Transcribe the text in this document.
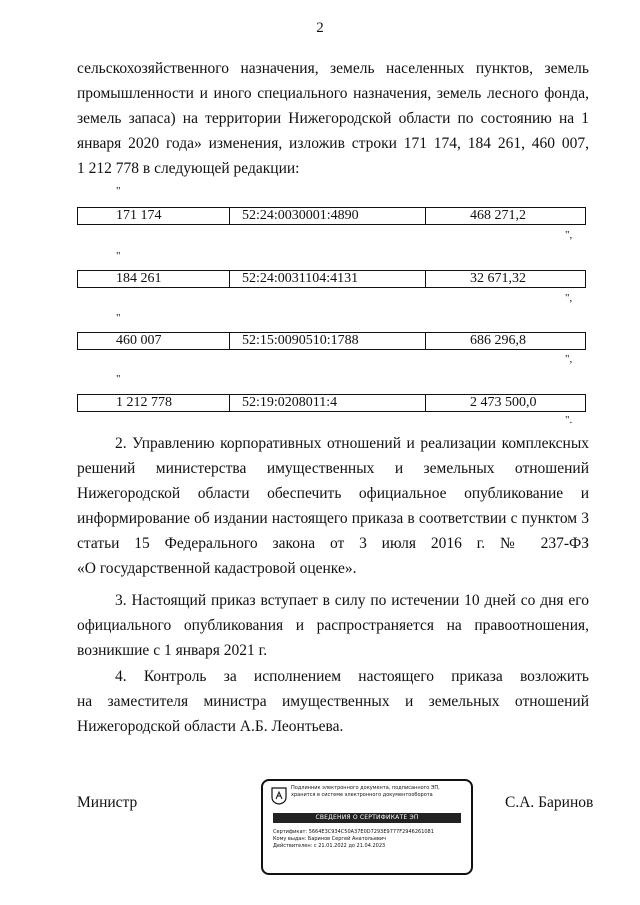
2
сельскохозяйственного назначения, земель населенных пунктов, земель
промышленности и иного специального назначения, земель лесного фонда,
земель запаса) на территории Нижегородской области по состоянию на 1
января 2020 года» изменения, изложив строки 171 174, 184 261, 460 007,
1 212 778 в следующей редакции:
"
171 174	52:24:0030001:4890	468 271,2
",
"
184 261	52:24:0031104:4131	32 671,32
",
"
460 007	52:15:0090510:1788	686 296,8
",
"
1 212 778	52:19:0208011:4	2 473 500,0
".
2. Управлению корпоративных отношений и реализации комплексных
решений министерства имущественных и земельных отношений
Нижегородской области обеспечить официальное опубликование и
информирование об издании настоящего приказа в соответствии с пунктом 3
статьи 15 Федерального закона от 3 июля 2016 г. № 237-ФЗ
«О государственной кадастровой оценке».
3. Настоящий приказ вступает в силу по истечении 10 дней со дня его
официального опубликования и распространяется на правоотношения,
возникшие с 1 января 2021 г.
4. Контроль за исполнением настоящего приказа возложить
на заместителя министра имущественных и земельных отношений
Нижегородской области А.Б. Леонтьева.
Министр	С.А. Баринов
Подлинник электронного документа, подписанного ЭП,
хранится в системе электронного документооборота
СВЕДЕНИЯ О СЕРТИФИКАТЕ ЭП
Сертификат: 5664E3C934C50A37E0D7293E9777F2946261081
Кому выдан: Баринов Сергей Анатольевич
Действителен: с 21.01.2022 до 21.04.2023
